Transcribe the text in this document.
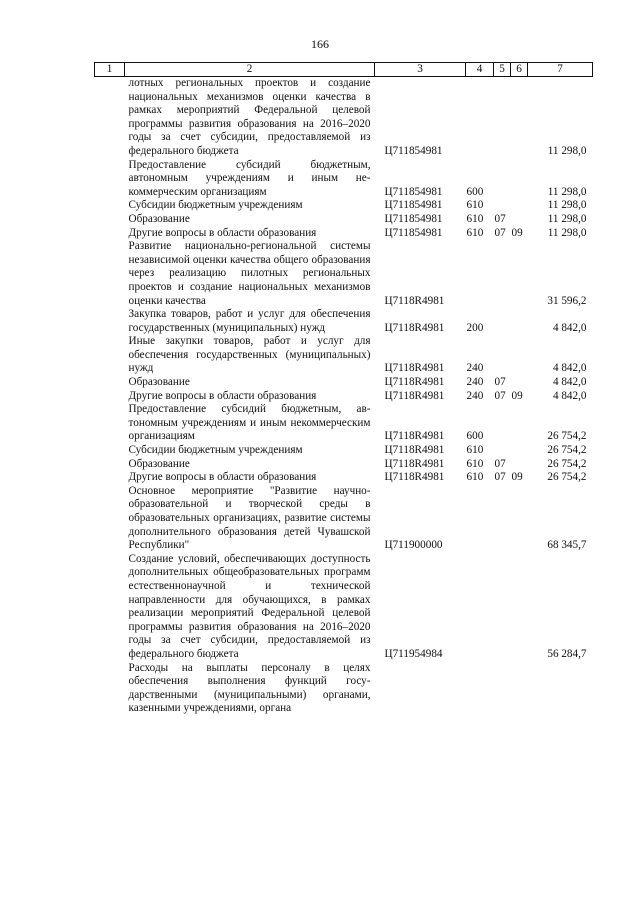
166
1	2	3	4	5	6	7
	лотных региональных проектов и создание национальных механизмов оценки качества в рамках мероприятий Федеральной целевой программы развития образования на 2016–2020 годы за счет субсидии, предоставляемой из федерального бюджета	Ц711854981				11 298,0
	Предоставление субсидий бюджетным, автономным учреждениям и иным некоммерческим организациям	Ц711854981	600			11 298,0
	Субсидии бюджетным учреждениям	Ц711854981	610			11 298,0
	Образование	Ц711854981	610	07		11 298,0
	Другие вопросы в области образования	Ц711854981	610	07	09	11 298,0
	Развитие национально-региональной системы независимой оценки качества общего образования через реализацию пилотных региональных проектов и создание национальных механизмов оценки качества	Ц7118R4981				31 596,2
	Закупка товаров, работ и услуг для обеспечения государственных (муниципальных) нужд	Ц7118R4981	200			4 842,0
	Иные закупки товаров, работ и услуг для обеспечения государственных (муниципальных) нужд	Ц7118R4981	240			4 842,0
	Образование	Ц7118R4981	240	07		4 842,0
	Другие вопросы в области образования	Ц7118R4981	240	07	09	4 842,0
	Предоставление субсидий бюджетным, автономным учреждениям и иным некоммерческим организациям	Ц7118R4981	600			26 754,2
	Субсидии бюджетным учреждениям	Ц7118R4981	610			26 754,2
	Образование	Ц7118R4981	610	07		26 754,2
	Другие вопросы в области образования	Ц7118R4981	610	07	09	26 754,2
	Основное мероприятие "Развитие научно-образовательной и творческой среды в образовательных организациях, развитие системы дополнительного образования детей Чувашской Республики"	Ц711900000				68 345,7
	Создание условий, обеспечивающих доступность дополнительных общеобразовательных программ естественнонаучной и технической направленности для обучающихся, в рамках реализации мероприятий Федеральной целевой программы развития образования на 2016–2020 годы за счет субсидии, предоставляемой из федерального бюджета	Ц711954984				56 284,7
	Расходы на выплаты персоналу в целях обеспечения выполнения функций государственными (муниципальными) органами, казенными учреждениями, органа					
